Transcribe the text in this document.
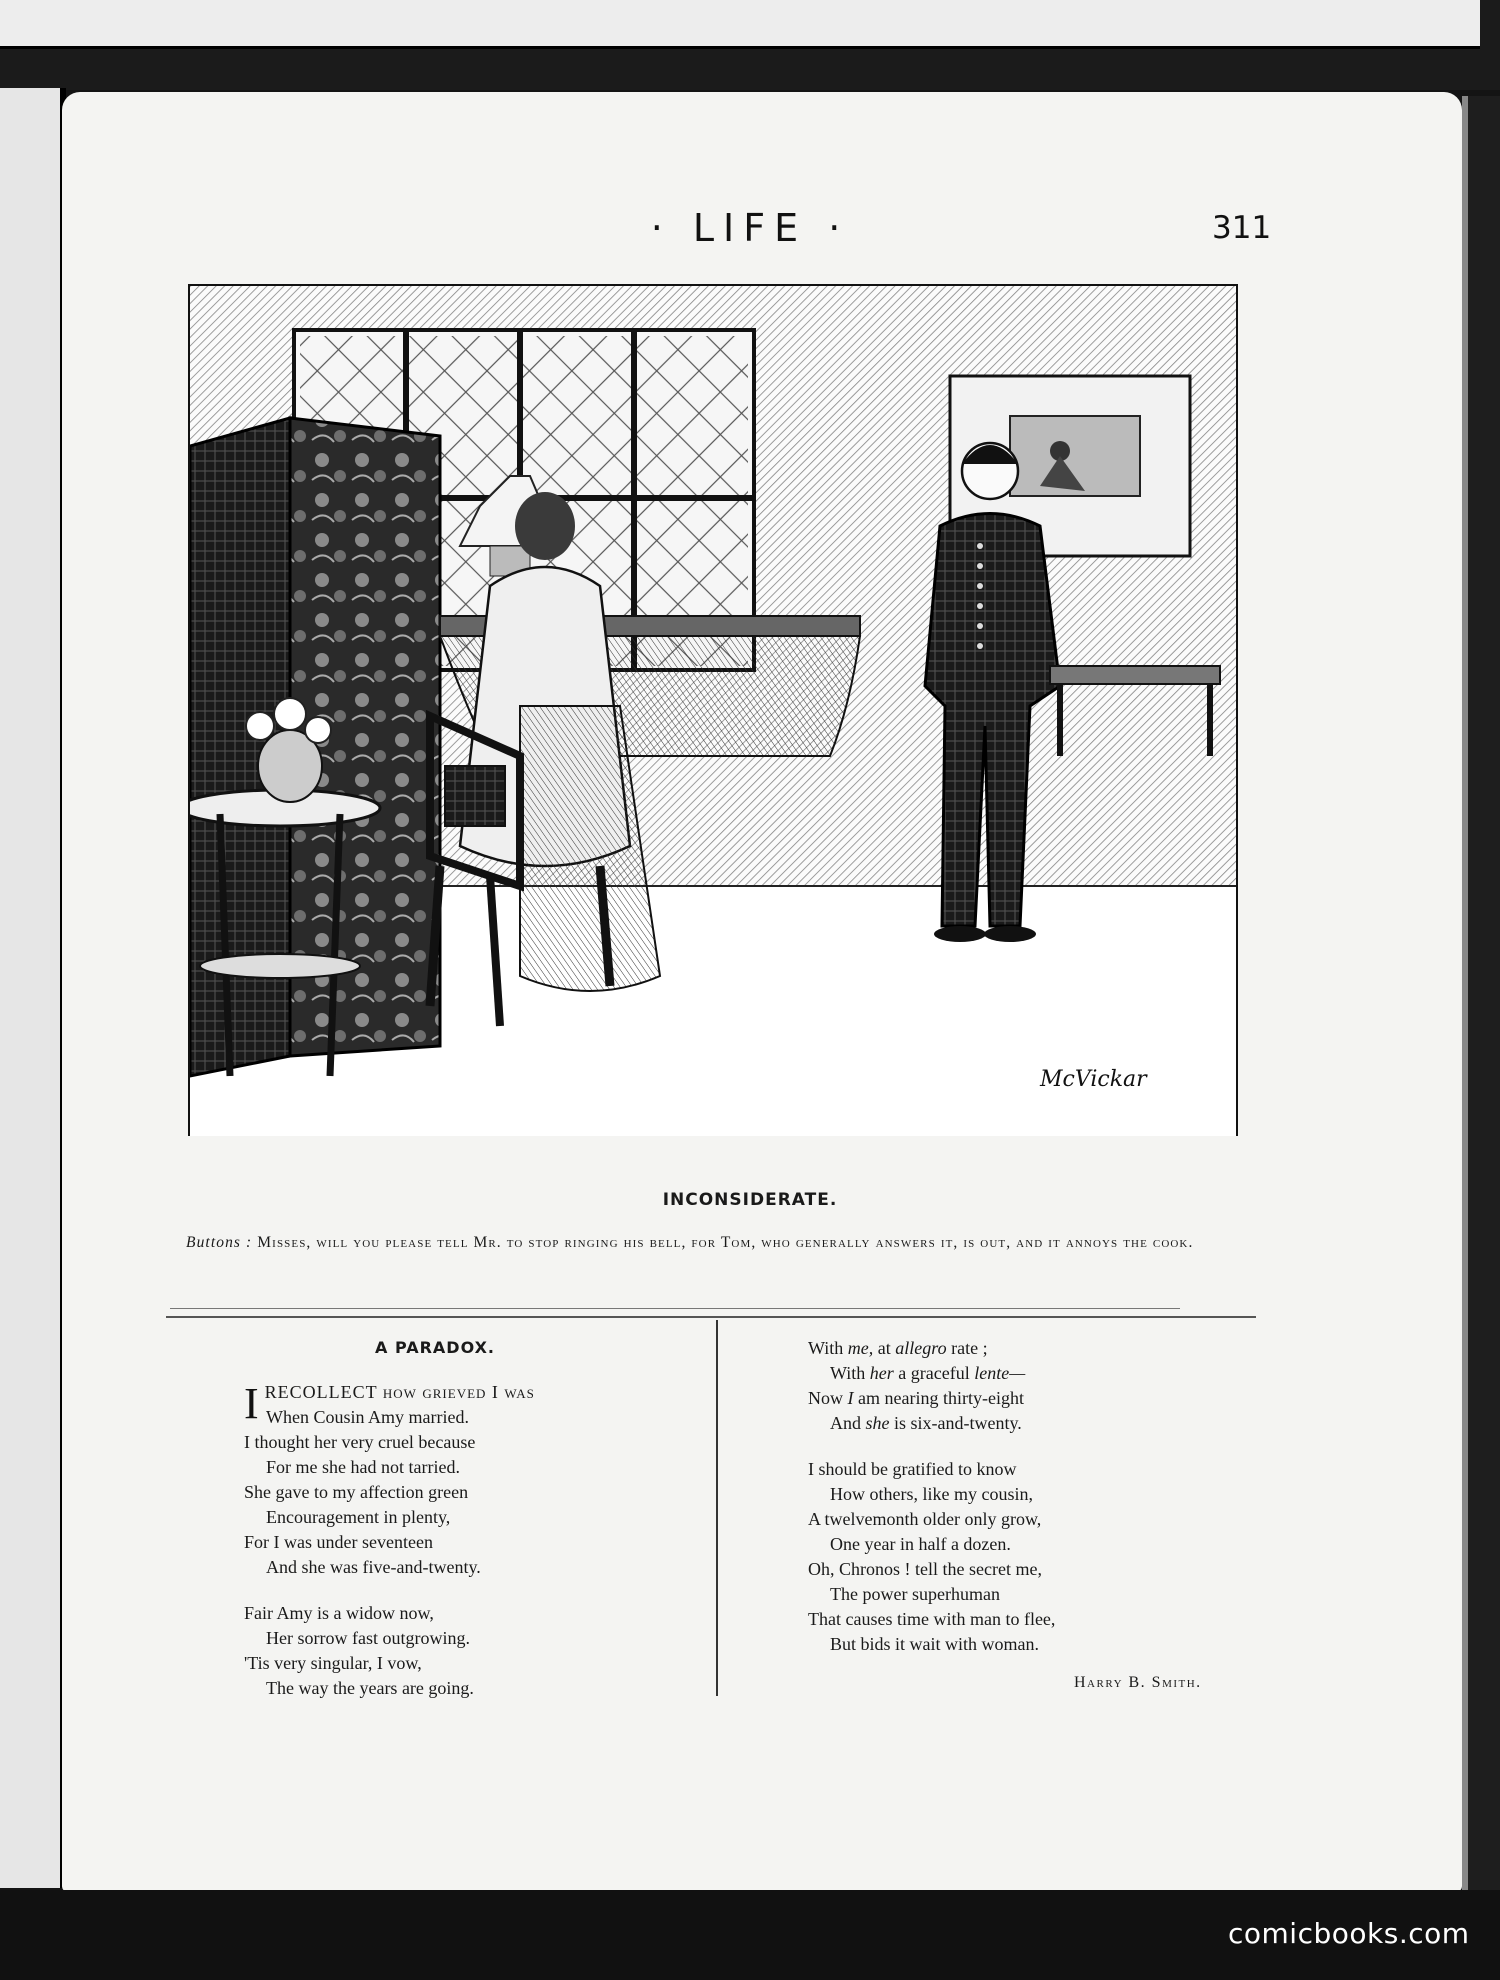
· LIFE ·	311
McVickar
INCONSIDERATE.
Buttons : Misses, will you please tell Mr. to stop ringing his bell, for Tom, who generally answers it, is out, and it annoys the cook.
A PARADOX.
I RECOLLECT how grieved I was
When Cousin Amy married.
I thought her very cruel because
For me she had not tarried.
She gave to my affection green
Encouragement in plenty,
For I was under seventeen
And she was five-and-twenty.
Fair Amy is a widow now,
Her sorrow fast outgrowing.
'Tis very singular, I vow,
The way the years are going.
With me, at allegro rate ;
With her a graceful lente—
Now I am nearing thirty-eight
And she is six-and-twenty.
I should be gratified to know
How others, like my cousin,
A twelvemonth older only grow,
One year in half a dozen.
Oh, Chronos ! tell the secret me,
The power superhuman
That causes time with man to flee,
But bids it wait with woman.
Harry B. Smith.
comicbooks.com
